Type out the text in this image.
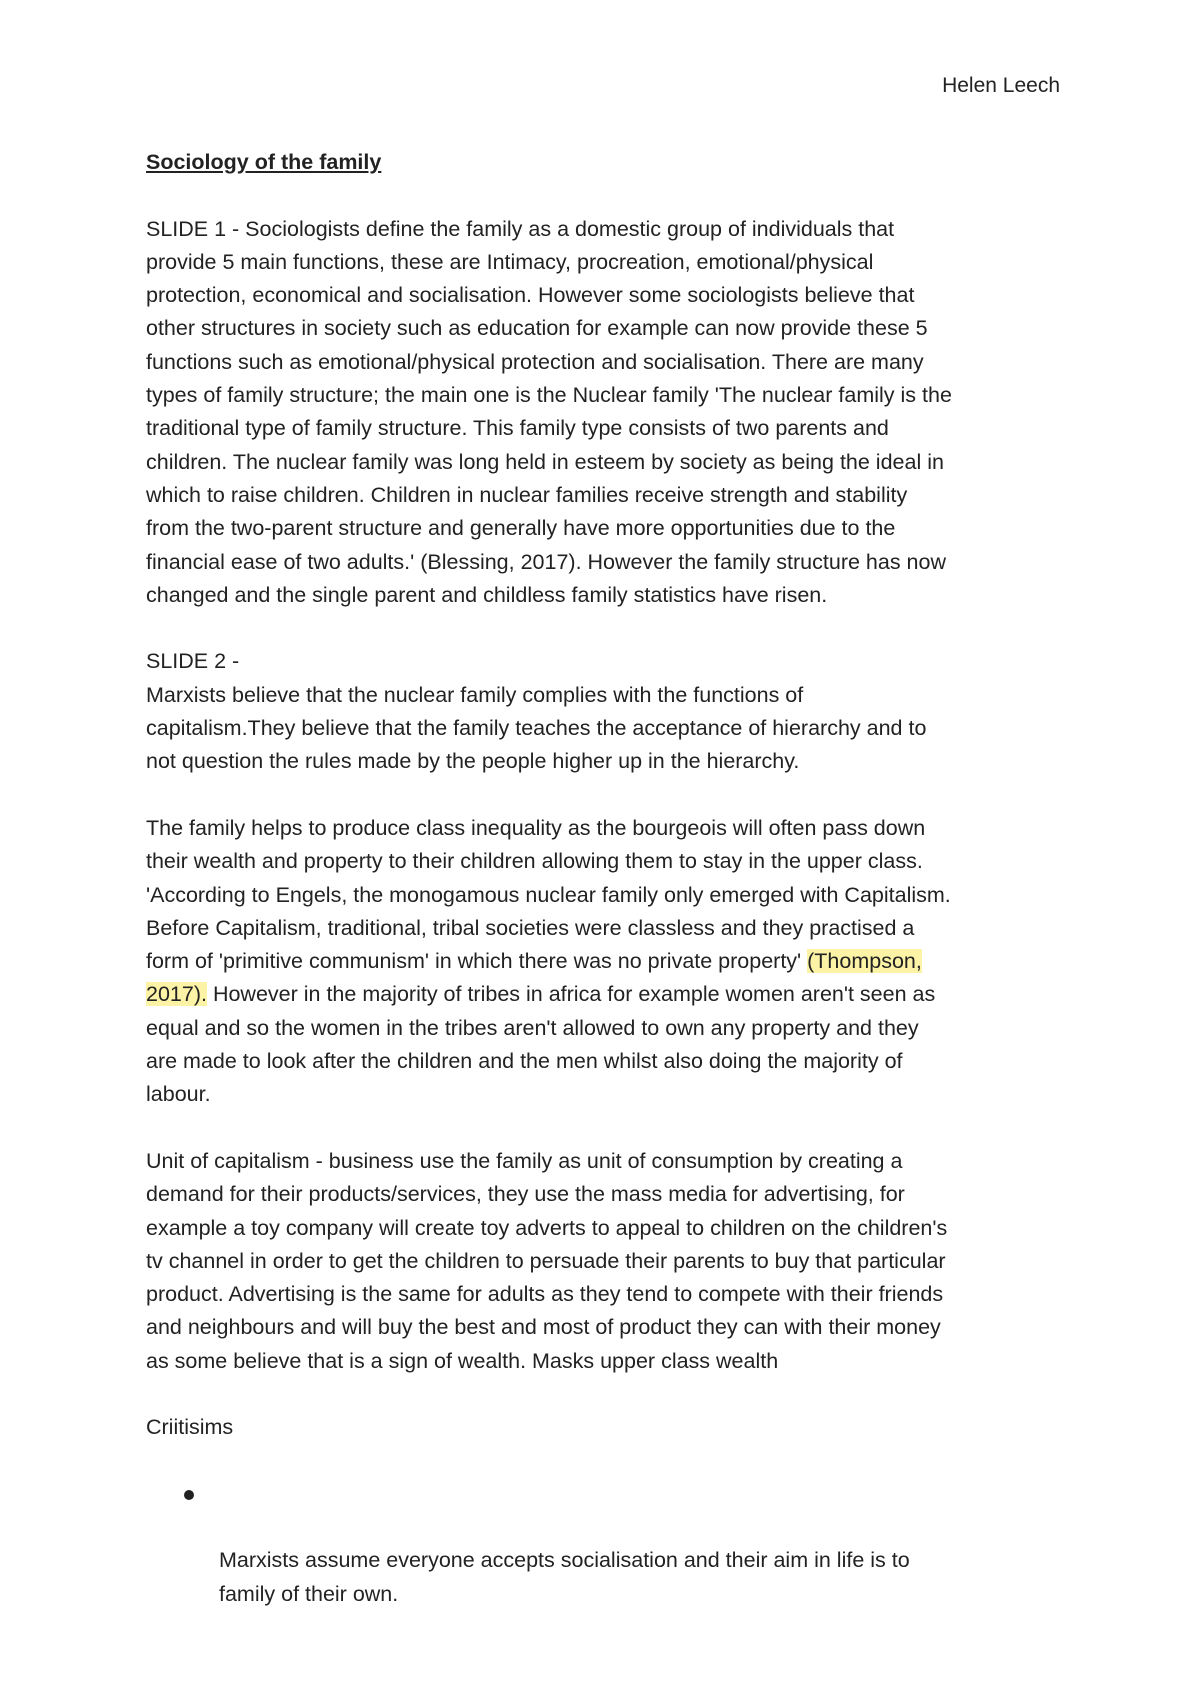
Helen Leech

Sociology of the family

SLIDE 1 - Sociologists define the family as a domestic group of individuals that
provide 5 main functions, these are Intimacy, procreation, emotional/physical
protection, economical and socialisation. However some sociologists believe that
other structures in society such as education for example can now provide these 5
functions such as emotional/physical protection and socialisation. There are many
types of family structure; the main one is the Nuclear family 'The nuclear family is the
traditional type of family structure. This family type consists of two parents and
children. The nuclear family was long held in esteem by society as being the ideal in
which to raise children. Children in nuclear families receive strength and stability
from the two-parent structure and generally have more opportunities due to the
financial ease of two adults.' (Blessing, 2017). However the family structure has now
changed and the single parent and childless family statistics have risen.

SLIDE 2 -

Marxists believe that the nuclear family complies with the functions of
capitalism.They believe that the family teaches the acceptance of hierarchy and to
not question the rules made by the people higher up in the hierarchy.

The family helps to produce class inequality as the bourgeois will often pass down
their wealth and property to their children allowing them to stay in the upper class.
'According to Engels, the monogamous nuclear family only emerged with Capitalism.
Before Capitalism, traditional, tribal societies were classless and they practised a
form of 'primitive communism' in which there was no private property' (Thompson,
2017). However in the majority of tribes in africa for example women aren't seen as
equal and so the women in the tribes aren't allowed to own any property and they
are made to look after the children and the men whilst also doing the majority of
labour.

Unit of capitalism - business use the family as unit of consumption by creating a
demand for their products/services, they use the mass media for advertising, for
example a toy company will create toy adverts to appeal to children on the children's
tv channel in order to get the children to persuade their parents to buy that particular
product. Advertising is the same for adults as they tend to compete with their friends
and neighbours and will buy the best and most of product they can with their money
as some believe that is a sign of wealth. Masks upper class wealth

Criitisims

Marxists assume everyone accepts socialisation and their aim in life is to
family of their own.
